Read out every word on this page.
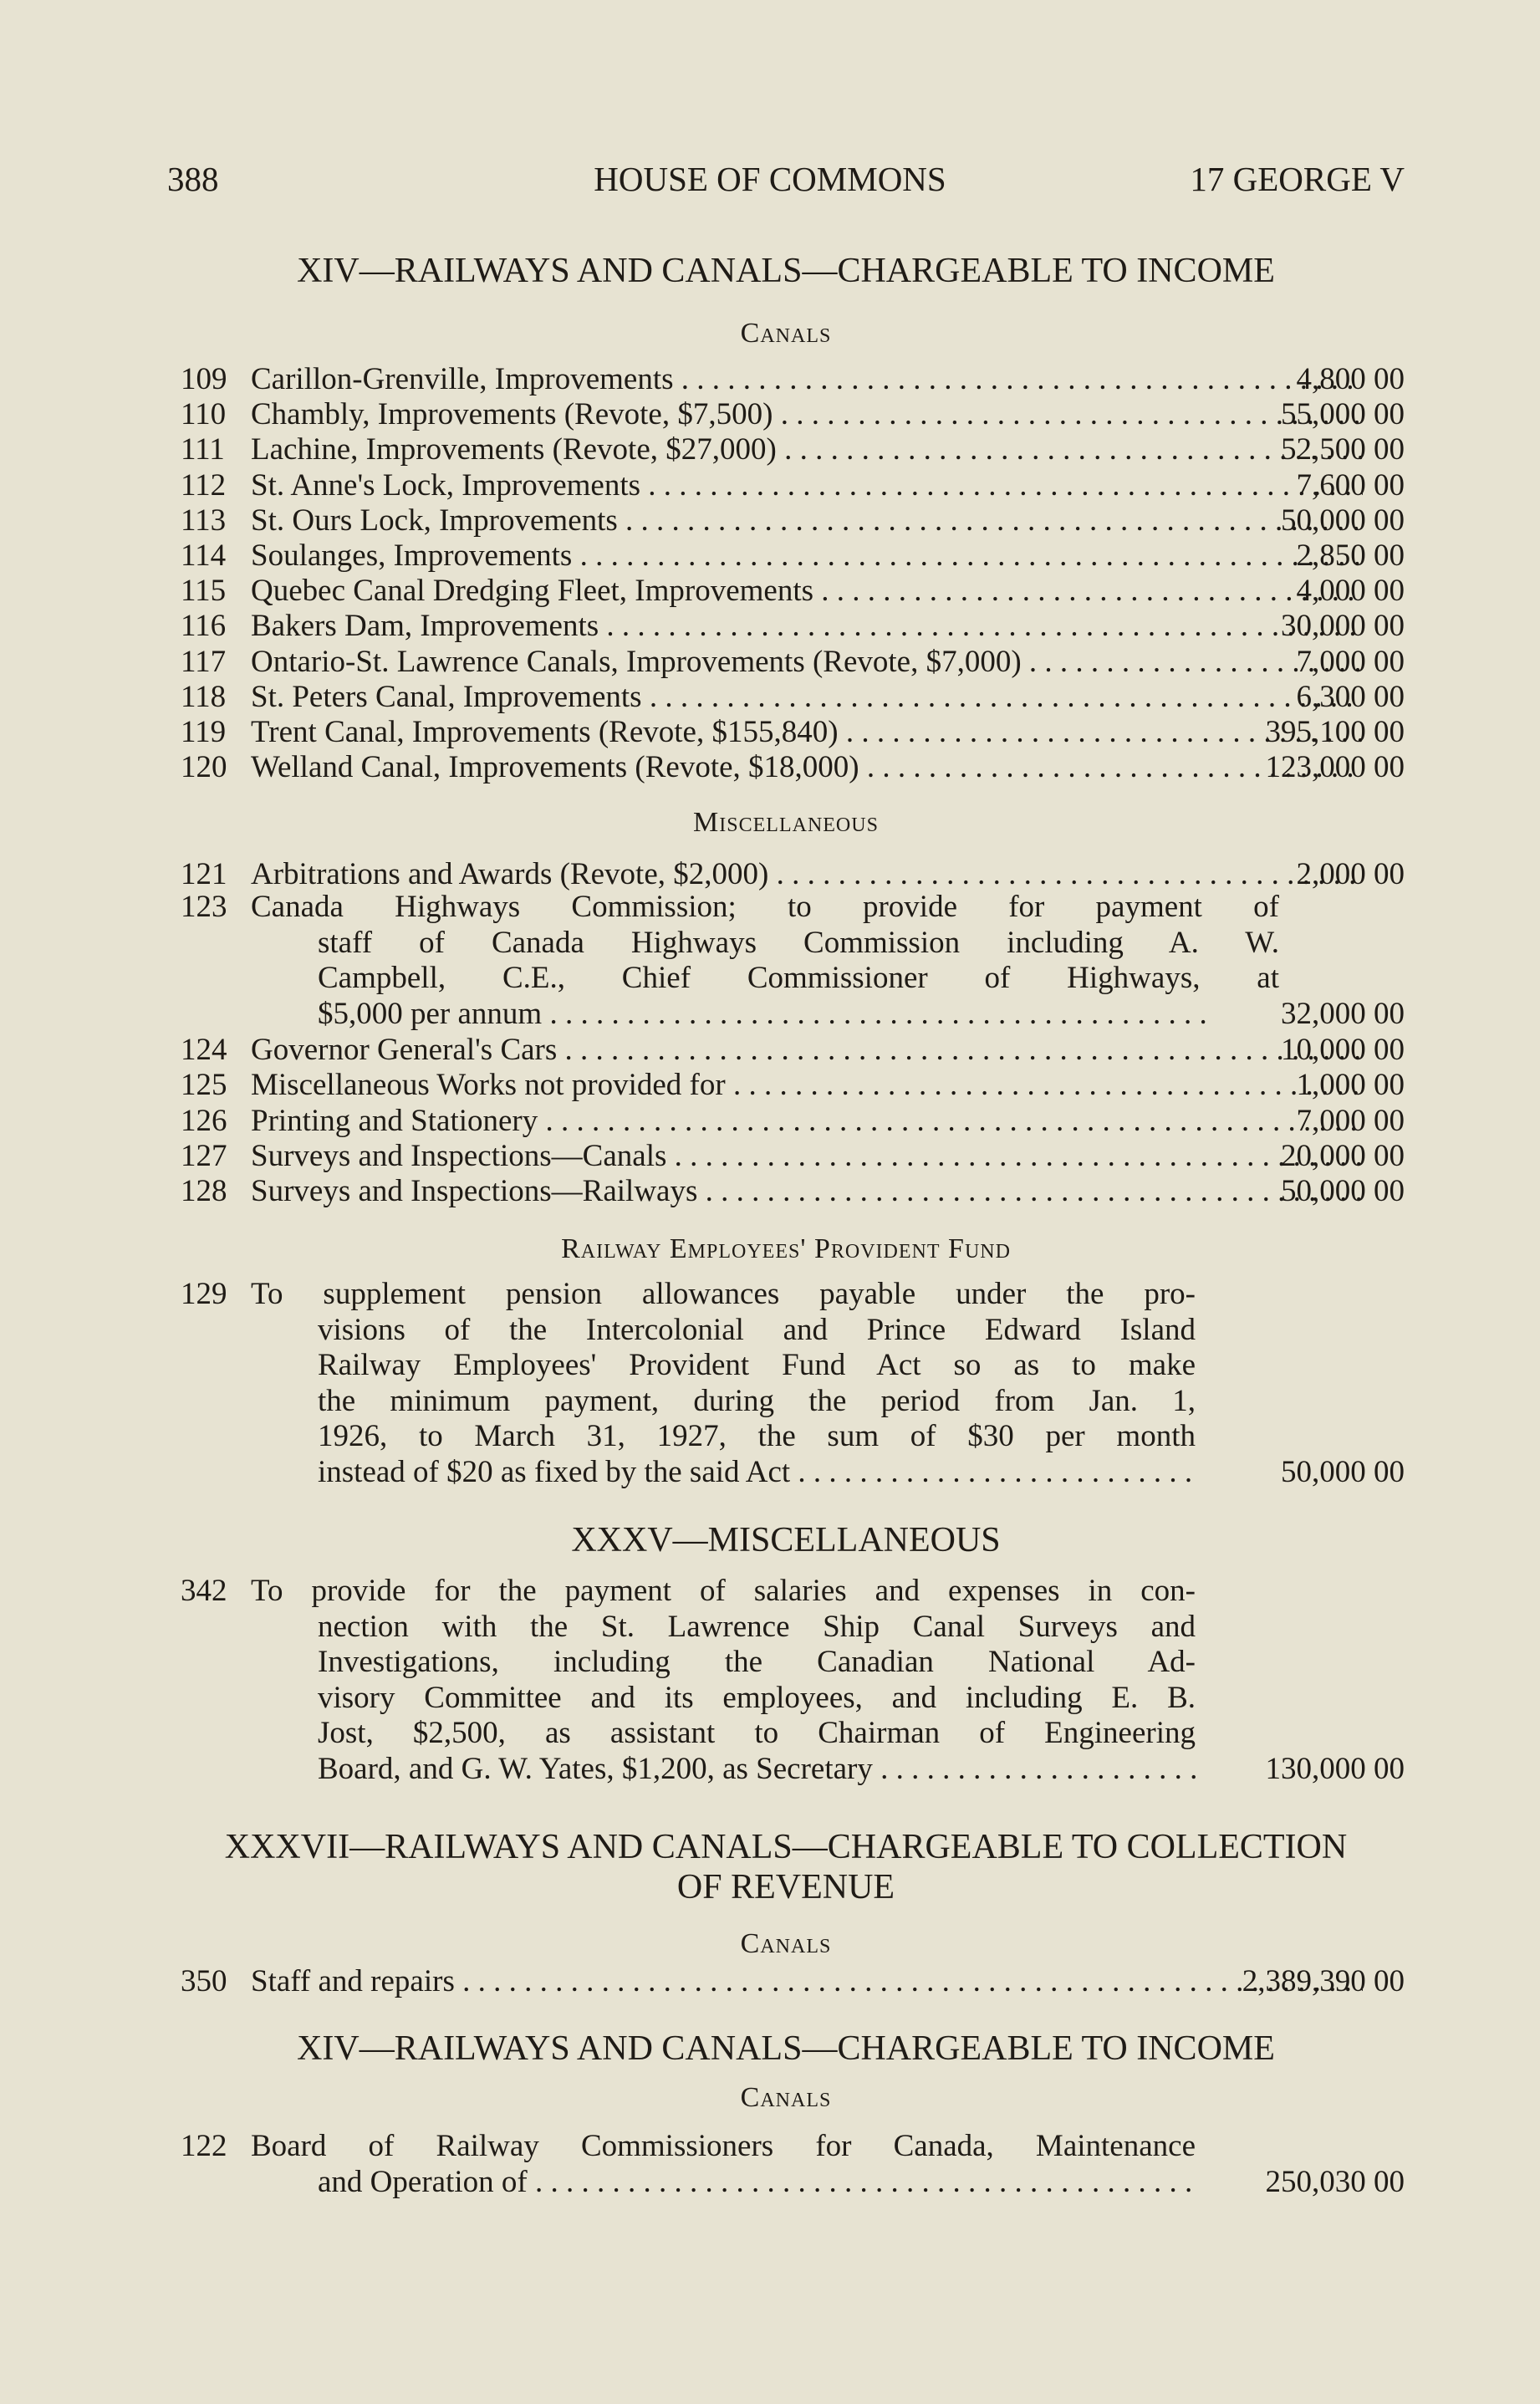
388	HOUSE OF COMMONS	17 GEORGE V
XIV—RAILWAYS AND CANALS—CHARGEABLE TO INCOME
Canals
109 Carillon-Grenville, Improvements . . .	4,800 00
110 Chambly, Improvements (Revote, $7,500) . . .	55,000 00
111 Lachine, Improvements (Revote, $27,000) . . .	52,500 00
112 St. Anne's Lock, Improvements . . .	7,600 00
113 St. Ours Lock, Improvements . . .	50,000 00
114 Soulanges, Improvements . . .	2,850 00
115 Quebec Canal Dredging Fleet, Improvements . . .	4,000 00
116 Bakers Dam, Improvements . . .	30,000 00
117 Ontario-St. Lawrence Canals, Improvements (Revote, $7,000) . . .	7,000 00
118 St. Peters Canal, Improvements . . .	6,300 00
119 Trent Canal, Improvements (Revote, $155,840) . . .	395,100 00
120 Welland Canal, Improvements (Revote, $18,000) . . .	123,000 00
Miscellaneous
121 Arbitrations and Awards (Revote, $2,000) . . .	2,000 00
123 Canada Highways Commission; to provide for payment of
staff of Canada Highways Commission including A. W.
Campbell, C.E., Chief Commissioner of Highways, at
$5,000 per annum . . .	32,000 00
124 Governor General's Cars . . .	10,000 00
125 Miscellaneous Works not provided for . . .	1,000 00
126 Printing and Stationery . . .	7,000 00
127 Surveys and Inspections—Canals . . .	20,000 00
128 Surveys and Inspections—Railways . . .	50,000 00
Railway Employees' Provident Fund
129 To supplement pension allowances payable under the pro-
visions of the Intercolonial and Prince Edward Island
Railway Employees' Provident Fund Act so as to make
the minimum payment, during the period from Jan. 1,
1926, to March 31, 1927, the sum of $30 per month
instead of $20 as fixed by the said Act . . .	50,000 00
XXXV—MISCELLANEOUS
342 To provide for the payment of salaries and expenses in con-
nection with the St. Lawrence Ship Canal Surveys and
Investigations, including the Canadian National Ad-
visory Committee and its employees, and including E. B.
Jost, $2,500, as assistant to Chairman of Engineering
Board, and G. W. Yates, $1,200, as Secretary . . .	130,000 00
XXXVII—RAILWAYS AND CANALS—CHARGEABLE TO COLLECTION
OF REVENUE
Canals
350 Staff and repairs . . .	2,389,390 00
XIV—RAILWAYS AND CANALS—CHARGEABLE TO INCOME
Canals
122 Board of Railway Commissioners for Canada, Maintenance
and Operation of . . .	250,030 00
